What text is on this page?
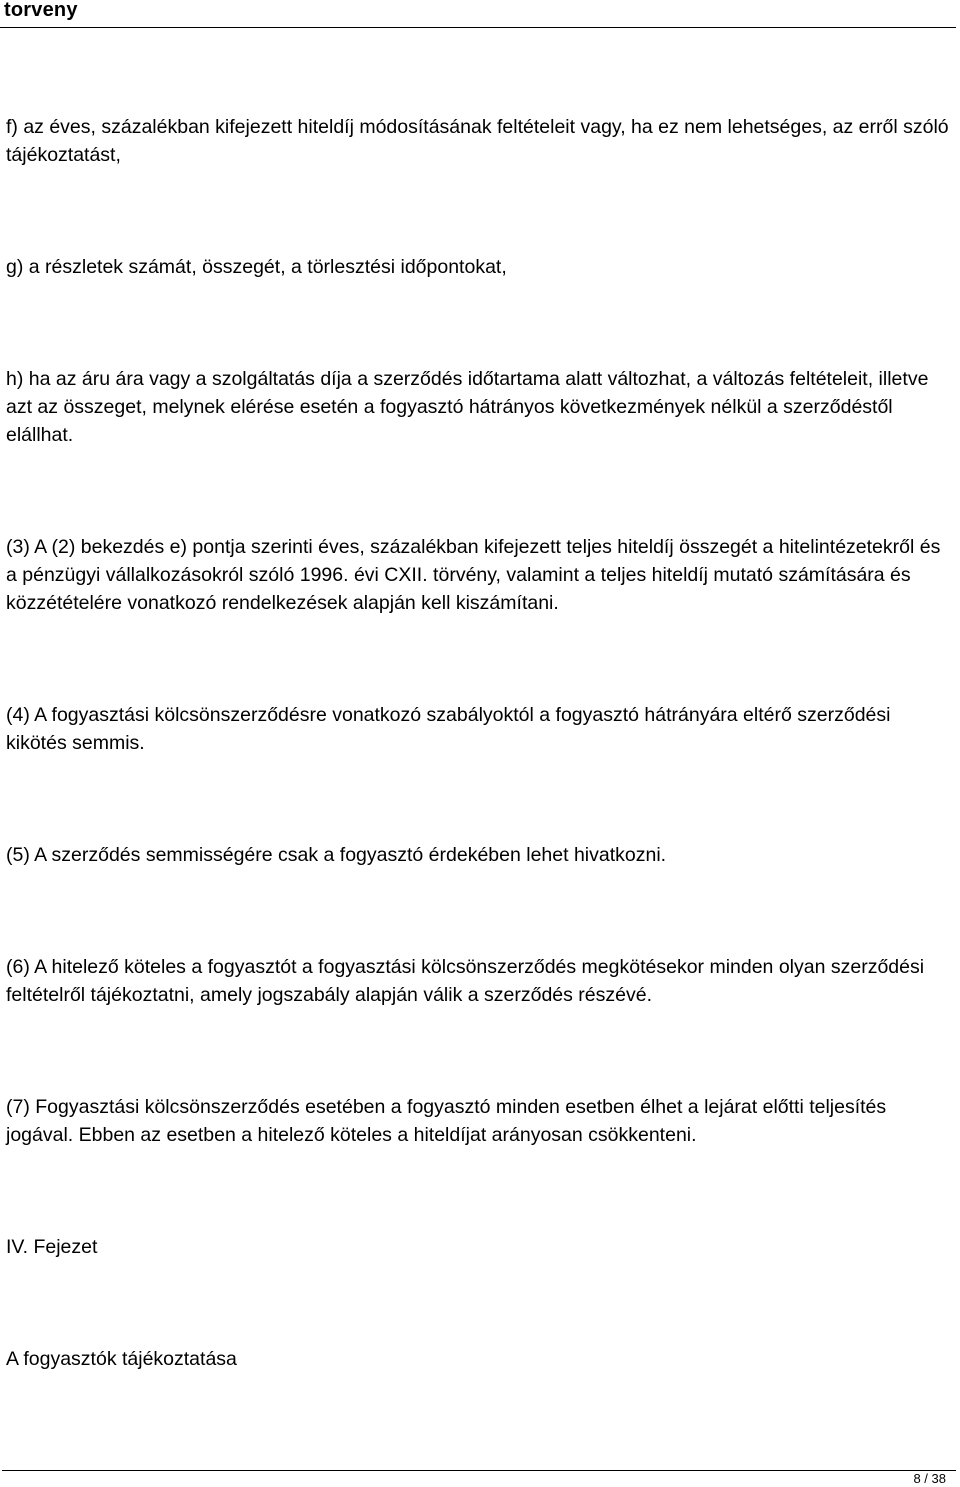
torveny

f) az éves, százalékban kifejezett hiteldíj módosításának feltételeit vagy, ha ez nem lehetséges, az erről szóló tájékoztatást,

g) a részletek számát, összegét, a törlesztési időpontokat,

h) ha az áru ára vagy a szolgáltatás díja a szerződés időtartama alatt változhat, a változás feltételeit, illetve azt az összeget, melynek elérése esetén a fogyasztó hátrányos következmények nélkül a szerződéstől elállhat.

(3) A (2) bekezdés e) pontja szerinti éves, százalékban kifejezett teljes hiteldíj összegét a hitelintézetekről és a pénzügyi vállalkozásokról szóló 1996. évi CXII. törvény, valamint a teljes hiteldíj mutató számítására és közzétételére vonatkozó rendelkezések alapján kell kiszámítani.

(4) A fogyasztási kölcsönszerződésre vonatkozó szabályoktól a fogyasztó hátrányára eltérő szerződési kikötés semmis.

(5) A szerződés semmisségére csak a fogyasztó érdekében lehet hivatkozni.

(6) A hitelező köteles a fogyasztót a fogyasztási kölcsönszerződés megkötésekor minden olyan szerződési feltételről tájékoztatni, amely jogszabály alapján válik a szerződés részévé.

(7) Fogyasztási kölcsönszerződés esetében a fogyasztó minden esetben élhet a lejárat előtti teljesítés jogával. Ebben az esetben a hitelező köteles a hiteldíjat arányosan csökkenteni.

IV. Fejezet

A fogyasztók tájékoztatása

8 / 38
